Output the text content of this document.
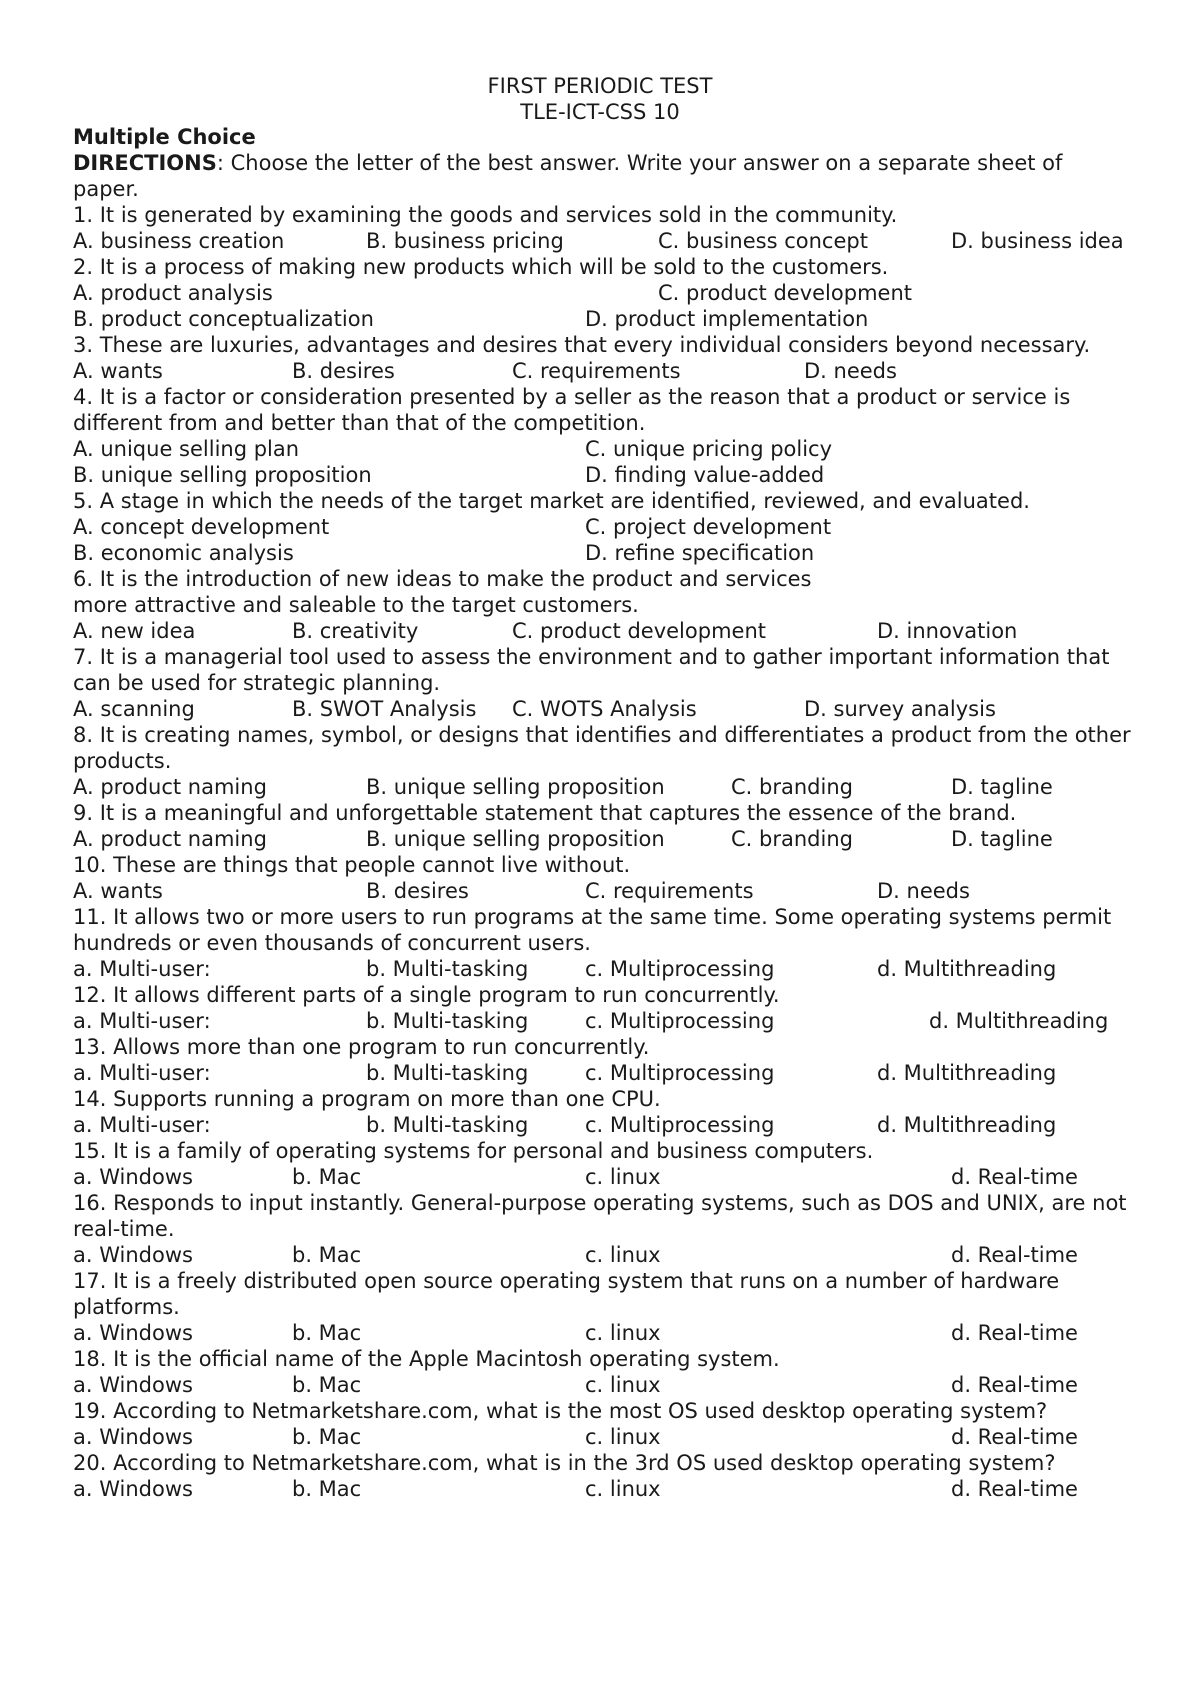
FIRST PERIODIC TEST
TLE-ICT-CSS 10
Multiple Choice
DIRECTIONS: Choose the letter of the best answer. Write your answer on a separate sheet of paper.
1. It is generated by examining the goods and services sold in the community.
A. business creation	B. business pricing	C. business concept	D. business idea
2. It is a process of making new products which will be sold to the customers.
A. product analysis	C. product development
B. product conceptualization	D. product implementation
3. These are luxuries, advantages and desires that every individual considers beyond necessary.
A. wants	B. desires	C. requirements	D. needs
4. It is a factor or consideration presented by a seller as the reason that a product or service is different from and better than that of the competition.
A. unique selling plan	C. unique pricing policy
B. unique selling proposition	D. finding value-added
5. A stage in which the needs of the target market are identified, reviewed, and evaluated.
A. concept development	C. project development
B. economic analysis	D. refine specification
6. It is the introduction of new ideas to make the product and services
more attractive and saleable to the target customers.
A. new idea	B. creativity	C. product development	D. innovation
7. It is a managerial tool used to assess the environment and to gather important information that can be used for strategic planning.
A. scanning	B. SWOT Analysis C. WOTS Analysis	D. survey analysis
8. It is creating names, symbol, or designs that identifies and differentiates a product from the other products.
A. product naming	B. unique selling proposition	C. branding	D. tagline
9. It is a meaningful and unforgettable statement that captures the essence of the brand.
A. product naming	B. unique selling proposition	C. branding	D. tagline
10. These are things that people cannot live without.
A. wants	B. desires	C. requirements	D. needs
11. It allows two or more users to run programs at the same time. Some operating systems permit hundreds or even thousands of concurrent users.
a. Multi-user:	b. Multi-tasking	c. Multiprocessing	d. Multithreading
12. It allows different parts of a single program to run concurrently.
a. Multi-user:	b. Multi-tasking	c. Multiprocessing	d. Multithreading
13. Allows more than one program to run concurrently.
a. Multi-user:	b. Multi-tasking	c. Multiprocessing	d. Multithreading
14. Supports running a program on more than one CPU.
a. Multi-user:	b. Multi-tasking	c. Multiprocessing	d. Multithreading
15. It is a family of operating systems for personal and business computers.
a. Windows	b. Mac	c. linux	d. Real-time
16. Responds to input instantly. General-purpose operating systems, such as DOS and UNIX, are not real-time.
a. Windows	b. Mac	c. linux	d. Real-time
17. It is a freely distributed open source operating system that runs on a number of hardware platforms.
a. Windows	b. Mac	c. linux	d. Real-time
18. It is the official name of the Apple Macintosh operating system.
a. Windows	b. Mac	c. linux	d. Real-time
19. According to Netmarketshare.com, what is the most OS used desktop operating system?
a. Windows	b. Mac	c. linux	d. Real-time
20. According to Netmarketshare.com, what is in the 3rd OS used desktop operating system?
a. Windows	b. Mac	c. linux	d. Real-time
